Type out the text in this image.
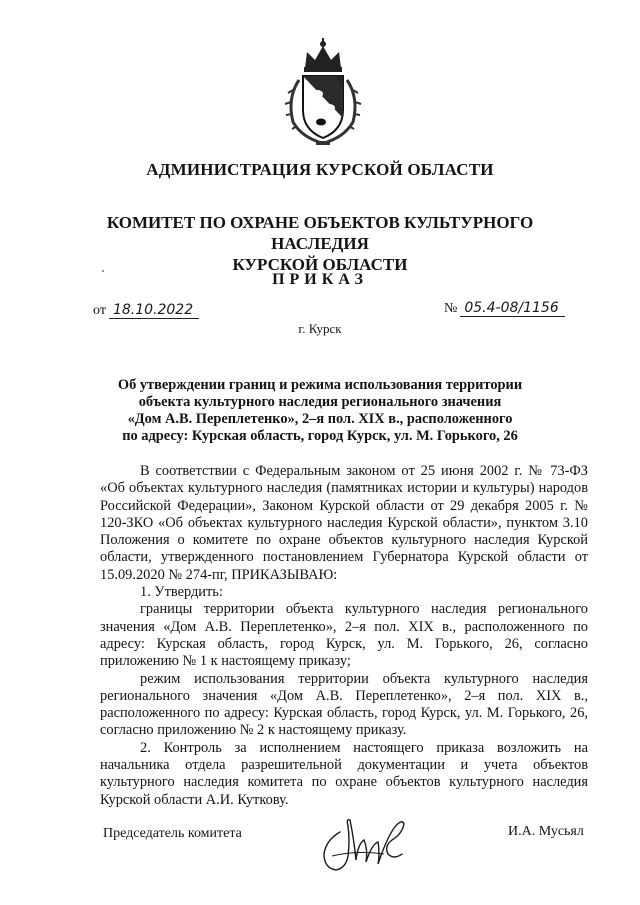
АДМИНИСТРАЦИЯ КУРСКОЙ ОБЛАСТИ
КОМИТЕТ ПО ОХРАНЕ ОБЪЕКТОВ КУЛЬТУРНОГО НАСЛЕДИЯ
КУРСКОЙ ОБЛАСТИ
ПРИКАЗ
от 18.10.2022	№ 05.4-08/1156
г. Курск
Об утверждении границ и режима использования территории
объекта культурного наследия регионального значения
«Дом А.В. Переплетенко», 2–я пол. XIX в., расположенного
по адресу: Курская область, город Курск, ул. М. Горького, 26

В соответствии с Федеральным законом от 25 июня 2002 г. № 73-ФЗ «Об объектах культурного наследия (памятниках истории и культуры) народов Российской Федерации», Законом Курской области от 29 декабря 2005 г. № 120-ЗКО «Об объектах культурного наследия Курской области», пунктом 3.10 Положения о комитете по охране объектов культурного наследия Курской области, утвержденного постановлением Губернатора Курской области от 15.09.2020 № 274-пг, ПРИКАЗЫВАЮ:

1. Утвердить:

границы территории объекта культурного наследия регионального значения «Дом А.В. Переплетенко», 2–я пол. XIX в., расположенного по адресу: Курская область, город Курск, ул. М. Горького, 26, согласно приложению № 1 к настоящему приказу;

режим использования территории объекта культурного наследия регионального значения «Дом А.В. Переплетенко», 2–я пол. XIX в., расположенного по адресу: Курская область, город Курск, ул. М. Горького, 26, согласно приложению № 2 к настоящему приказу.

2. Контроль за исполнением настоящего приказа возложить на начальника отдела разрешительной документации и учета объектов культурного наследия комитета по охране объектов культурного наследия Курской области А.И. Куткову.

Председатель комитета	И.А. Мусьял
